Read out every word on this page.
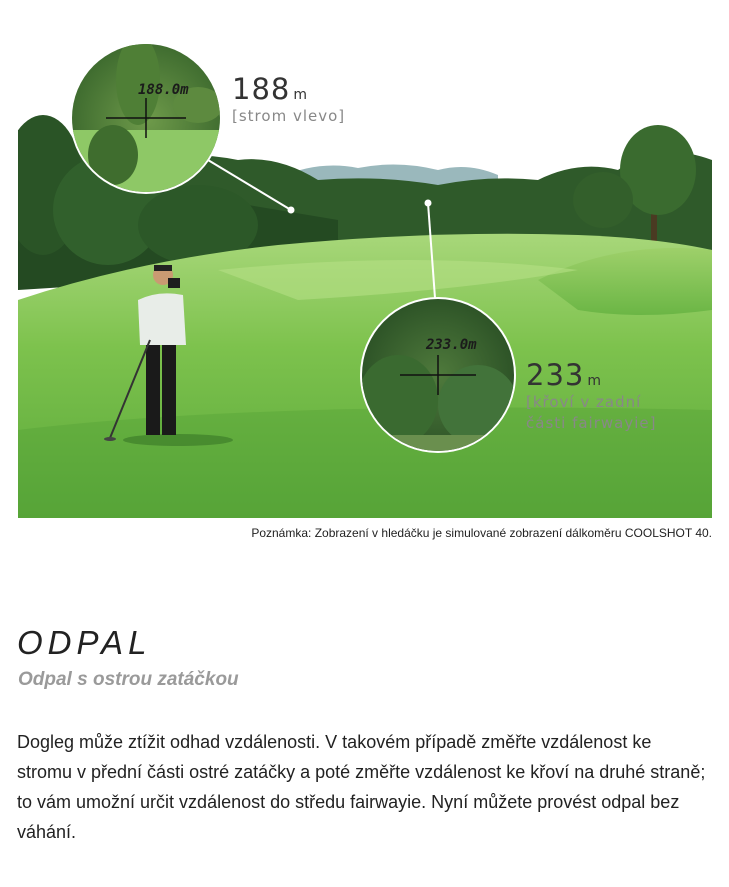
188.0m
233.0m
188 m
[strom vlevo]
233 m
[křoví v zadní
části fairwayie]
Poznámka: Zobrazení v hledáčku je simulované zobrazení dálkoměru COOLSHOT 40.
ODPAL
Odpal s ostrou zatáčkou

Dogleg může ztížit odhad vzdálenosti. V takovém případě změřte vzdálenost ke stromu v přední části ostré zatáčky a poté změřte vzdálenost ke křoví na druhé straně; to vám umožní určit vzdálenost do středu fairwayie. Nyní můžete provést odpal bez váhání.
